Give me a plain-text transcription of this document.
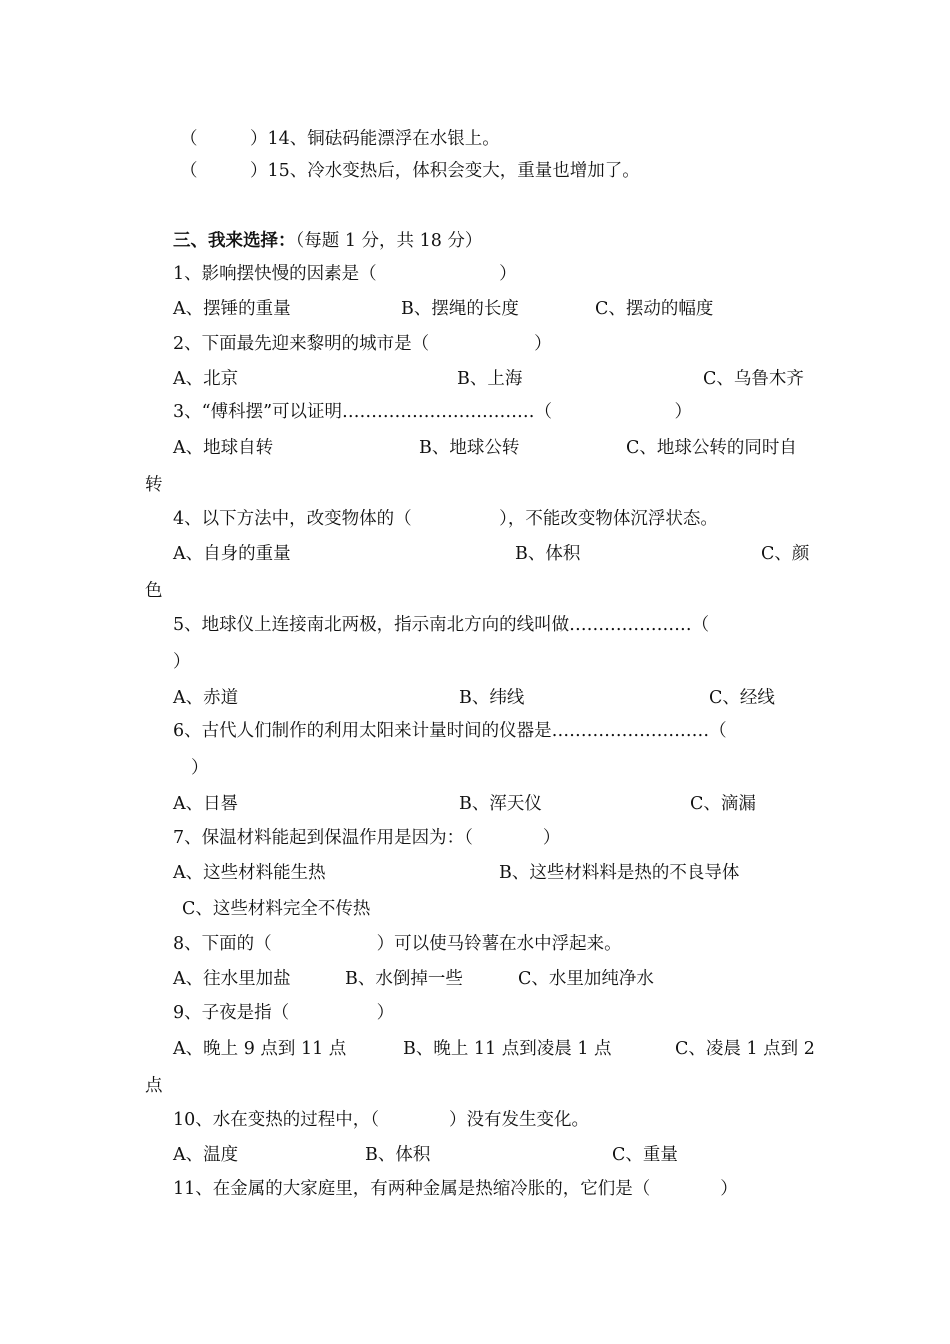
（　　　）14、铜砝码能漂浮在水银上。
（　　　）15、冷水变热后，体积会变大，重量也增加了。
三、我来选择：（每题 1 分，共 18 分）
1、影响摆快慢的因素是（　　　　　　　）
A、摆锤的重量	B、摆绳的长度	C、摆动的幅度
2、下面最先迎来黎明的城市是（　　　　　　）
A、北京	B、上海	C、乌鲁木齐
3、“傅科摆”可以证明……………………………（　　　　　　　）
A、地球自转	B、地球公转	C、地球公转的同时自
转
4、以下方法中，改变物体的（　　　　　），不能改变物体沉浮状态。
A、自身的重量	B、体积	C、颜
色
5、地球仪上连接南北两极，指示南北方向的线叫做…………………（
）
A、赤道	B、纬线	C、经线
6、古代人们制作的利用太阳来计量时间的仪器是………………………（
）
A、日晷	B、浑天仪	C、滴漏
7、保温材料能起到保温作用是因为：（　　　　）
A、这些材料能生热	B、这些材料料是热的不良导体
C、这些材料完全不传热
8、下面的（　　　　　　）可以使马铃薯在水中浮起来。
A、往水里加盐	B、水倒掉一些	C、水里加纯净水
9、子夜是指（　　　　　）
A、晚上 9 点到 11 点	B、晚上 11 点到凌晨 1 点	C、凌晨 1 点到 2
点
10、水在变热的过程中，（　　　　）没有发生变化。
A、温度	B、体积	C、重量
11、在金属的大家庭里，有两种金属是热缩冷胀的，它们是（　　　　）
